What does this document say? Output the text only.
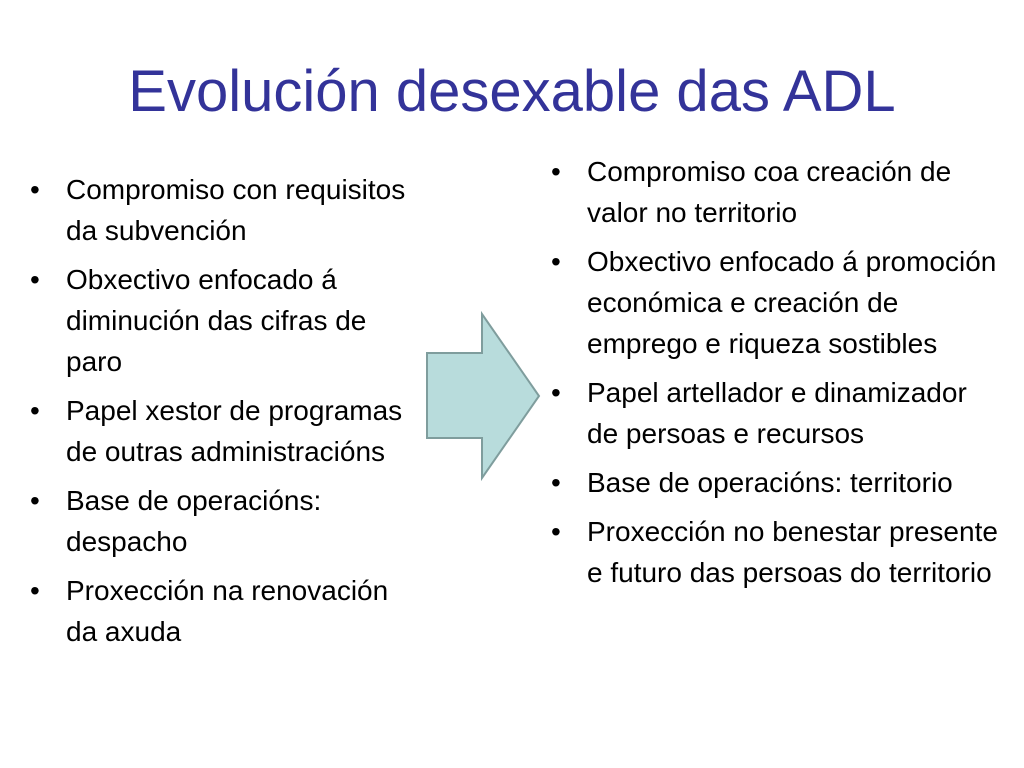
Evolución desexable das ADL
• Compromiso con requisitos da subvención
• Obxectivo enfocado á diminución das cifras de paro
• Papel xestor de programas de outras administracións
• Base de operacións: despacho
• Proxección na renovación da axuda
• Compromiso coa creación de valor no territorio
• Obxectivo enfocado á promoción económica e creación de emprego e riqueza sostibles
• Papel artellador e dinamizador de persoas e recursos
• Base de operacións: territorio
• Proxección no benestar presente e futuro das persoas do territorio
